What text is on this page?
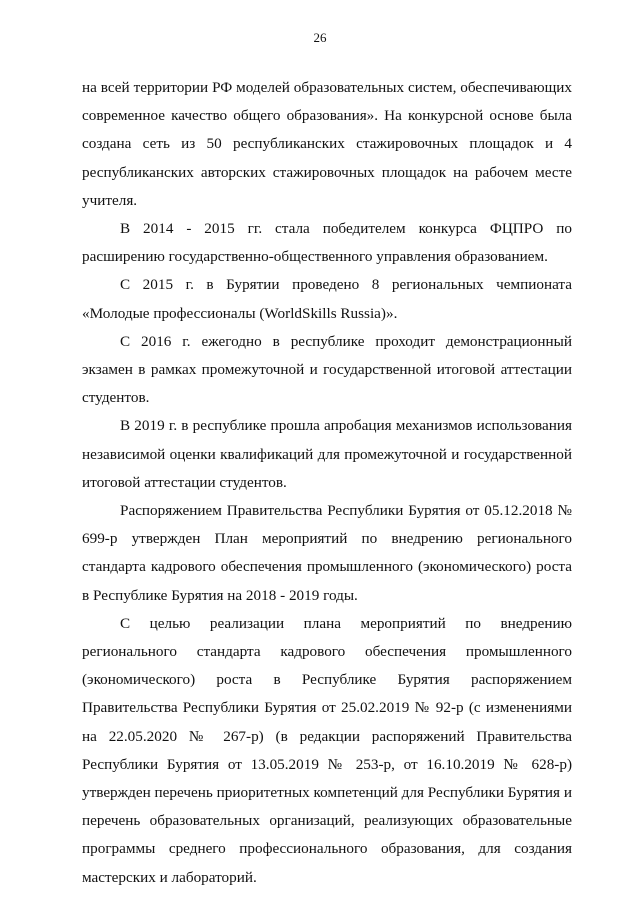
26

на всей территории РФ моделей образовательных систем, обеспечивающих современное качество общего образования». На конкурсной основе была создана сеть из 50 республиканских стажировочных площадок и 4 республиканских авторских стажировочных площадок на рабочем месте учителя.

В 2014 - 2015 гг. стала победителем конкурса ФЦПРО по расширению государственно-общественного управления образованием.

С 2015 г. в Бурятии проведено 8 региональных чемпионата «Молодые профессионалы (WorldSkills Russia)».

С 2016 г. ежегодно в республике проходит демонстрационный экзамен в рамках промежуточной и государственной итоговой аттестации студентов.

В 2019 г. в республике прошла апробация механизмов использования независимой оценки квалификаций для промежуточной и государственной итоговой аттестации студентов.

Распоряжением Правительства Республики Бурятия от 05.12.2018 № 699-р утвержден План мероприятий по внедрению регионального стандарта кадрового обеспечения промышленного (экономического) роста в Республике Бурятия на 2018 - 2019 годы.

С целью реализации плана мероприятий по внедрению регионального стандарта кадрового обеспечения промышленного (экономического) роста в Республике Бурятия распоряжением Правительства Республики Бурятия от 25.02.2019 № 92-р (с изменениями на 22.05.2020 № 267-р) (в редакции распоряжений Правительства Республики Бурятия от 13.05.2019 № 253-р, от 16.10.2019 № 628-р) утвержден перечень приоритетных компетенций для Республики Бурятия и перечень образовательных организаций, реализующих образовательные программы среднего профессионального образования, для создания мастерских и лабораторий.
